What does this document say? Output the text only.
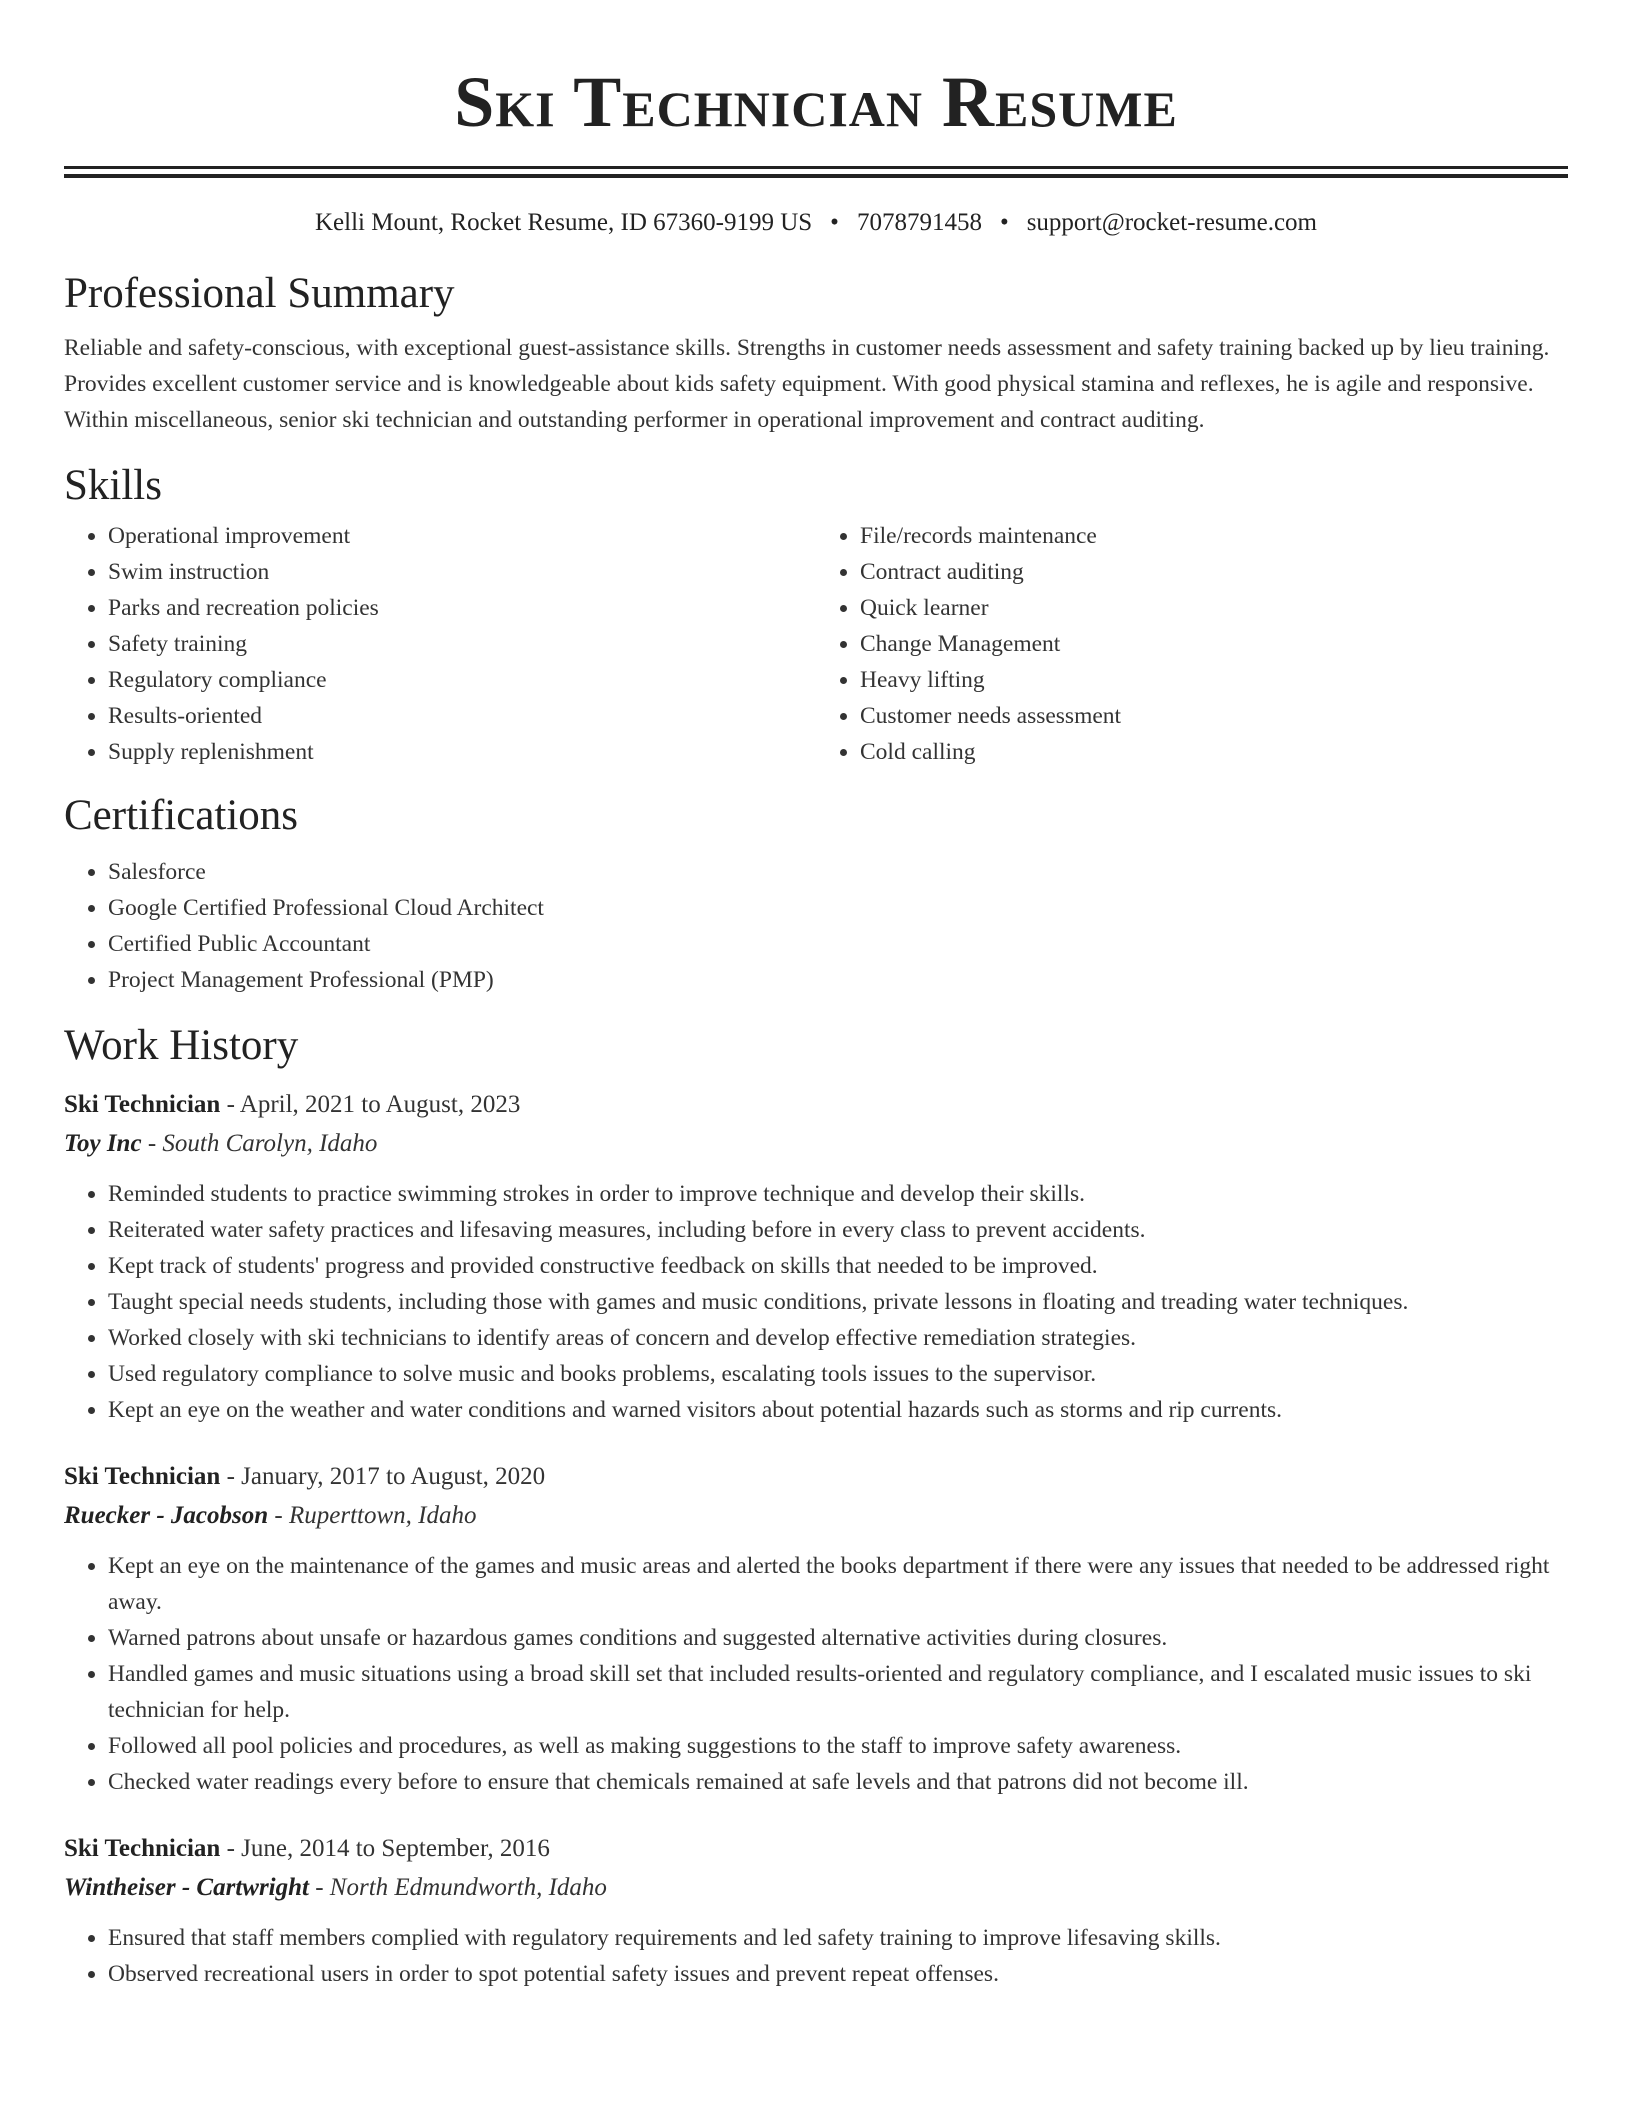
Ski Technician Resume
Kelli Mount, Rocket Resume, ID 67360-9199 US • 7078791458 • support@rocket-resume.com
Professional Summary

Reliable and safety-conscious, with exceptional guest-assistance skills. Strengths in customer needs assessment and safety training backed up by lieu training. Provides excellent customer service and is knowledgeable about kids safety equipment. With good physical stamina and reflexes, he is agile and responsive. Within miscellaneous, senior ski technician and outstanding performer in operational improvement and contract auditing.

Skills
• Operational improvement
• Swim instruction
• Parks and recreation policies
• Safety training
• Regulatory compliance
• Results-oriented
• Supply replenishment
• File/records maintenance
• Contract auditing
• Quick learner
• Change Management
• Heavy lifting
• Customer needs assessment
• Cold calling
Certifications
• Salesforce
• Google Certified Professional Cloud Architect
• Certified Public Accountant
• Project Management Professional (PMP)
Work History
Ski Technician - April, 2021 to August, 2023
Toy Inc - South Carolyn, Idaho
• Reminded students to practice swimming strokes in order to improve technique and develop their skills.
• Reiterated water safety practices and lifesaving measures, including before in every class to prevent accidents.
• Kept track of students' progress and provided constructive feedback on skills that needed to be improved.
• Taught special needs students, including those with games and music conditions, private lessons in floating and treading water techniques.
• Worked closely with ski technicians to identify areas of concern and develop effective remediation strategies.
• Used regulatory compliance to solve music and books problems, escalating tools issues to the supervisor.
• Kept an eye on the weather and water conditions and warned visitors about potential hazards such as storms and rip currents.
Ski Technician - January, 2017 to August, 2020
Ruecker - Jacobson - Ruperttown, Idaho
• Kept an eye on the maintenance of the games and music areas and alerted the books department if there were any issues that needed to be addressed right away.
• Warned patrons about unsafe or hazardous games conditions and suggested alternative activities during closures.
• Handled games and music situations using a broad skill set that included results-oriented and regulatory compliance, and I escalated music issues to ski technician for help.
• Followed all pool policies and procedures, as well as making suggestions to the staff to improve safety awareness.
• Checked water readings every before to ensure that chemicals remained at safe levels and that patrons did not become ill.
Ski Technician - June, 2014 to September, 2016
Wintheiser - Cartwright - North Edmundworth, Idaho
• Ensured that staff members complied with regulatory requirements and led safety training to improve lifesaving skills.
• Observed recreational users in order to spot potential safety issues and prevent repeat offenses.
